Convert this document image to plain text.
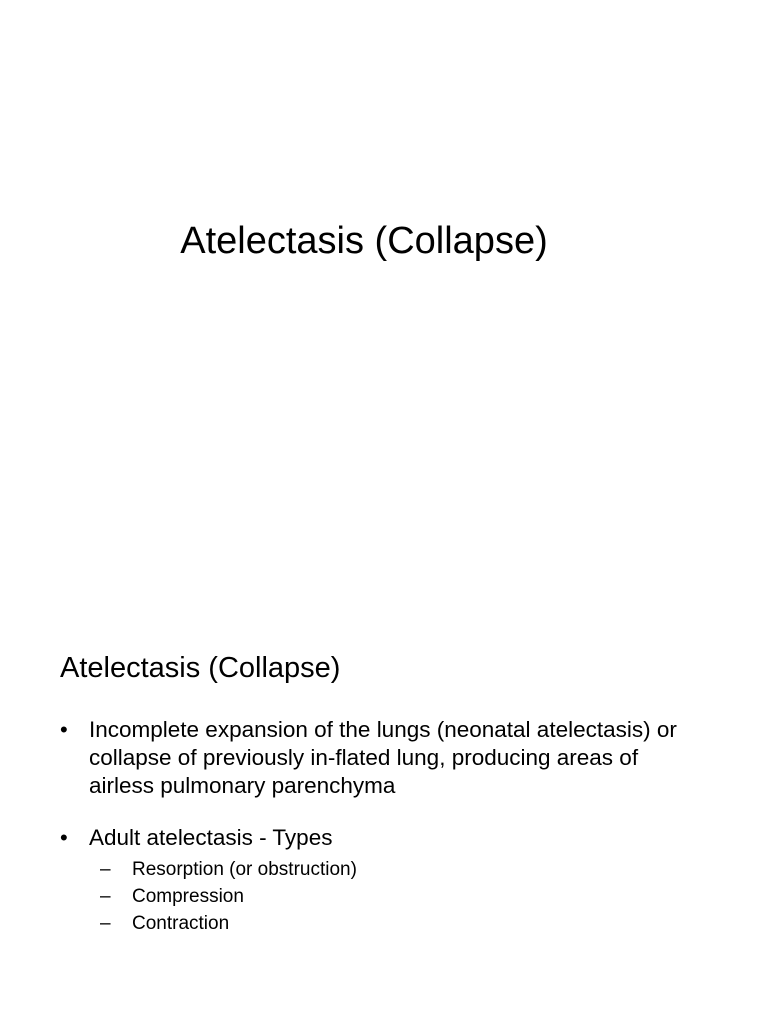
Atelectasis (Collapse)
Atelectasis (Collapse)
• Incomplete expansion of the lungs (neonatal atelectasis) or collapse of previously in-flated lung, producing areas of airless pulmonary parenchyma
• Adult atelectasis - Types
– Resorption (or obstruction)
– Compression
– Contraction
